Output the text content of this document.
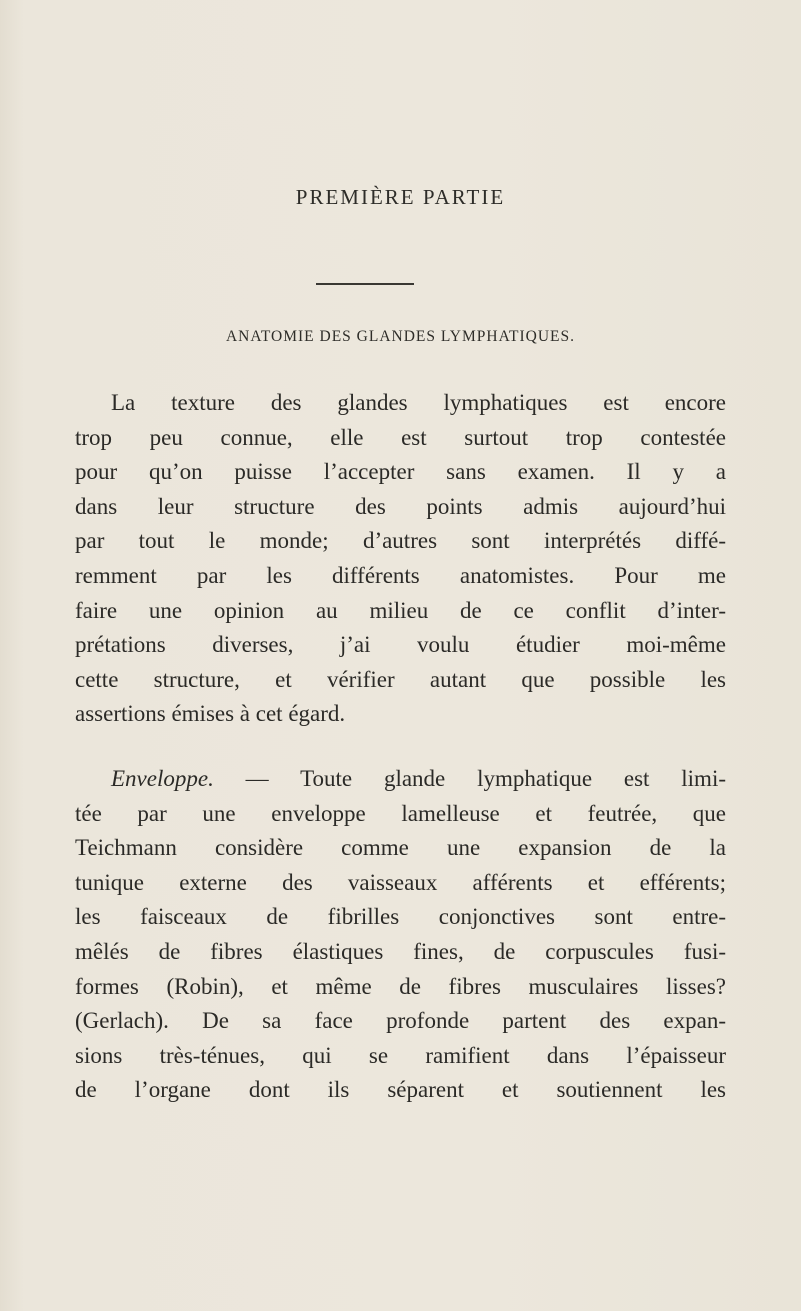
PREMIÈRE PARTIE
ANATOMIE DES GLANDES LYMPHATIQUES.
La texture des glandes lymphatiques est encore
trop peu connue, elle est surtout trop contestée
pour qu’on puisse l’accepter sans examen. Il y a
dans leur structure des points admis aujourd’hui
par tout le monde; d’autres sont interprétés diffé-
remment par les différents anatomistes. Pour me
faire une opinion au milieu de ce conflit d’inter-
prétations diverses, j’ai voulu étudier moi-même
cette structure, et vérifier autant que possible les
assertions émises à cet égard.
Enveloppe. — Toute glande lymphatique est limi-
tée par une enveloppe lamelleuse et feutrée, que
Teichmann considère comme une expansion de la
tunique externe des vaisseaux afférents et efférents;
les faisceaux de fibrilles conjonctives sont entre-
mêlés de fibres élastiques fines, de corpuscules fusi-
formes (Robin), et même de fibres musculaires lisses?
(Gerlach). De sa face profonde partent des expan-
sions très-ténues, qui se ramifient dans l’épaisseur
de l’organe dont ils séparent et soutiennent les
